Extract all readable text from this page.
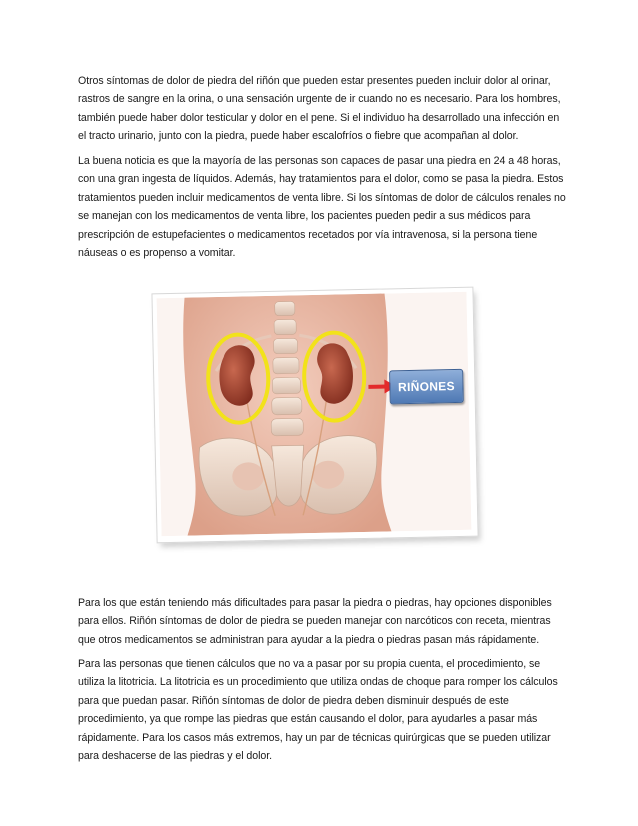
Otros síntomas de dolor de piedra del riñón que pueden estar presentes pueden incluir dolor al orinar, rastros de sangre en la orina, o una sensación urgente de ir cuando no es necesario. Para los hombres, también puede haber dolor testicular y dolor en el pene. Si el individuo ha desarrollado una infección en el tracto urinario, junto con la piedra, puede haber escalofríos o fiebre que acompañan al dolor.

La buena noticia es que la mayoría de las personas son capaces de pasar una piedra en 24 a 48 horas, con una gran ingesta de líquidos. Además, hay tratamientos para el dolor, como se pasa la piedra. Estos tratamientos pueden incluir medicamentos de venta libre. Si los síntomas de dolor de cálculos renales no se manejan con los medicamentos de venta libre, los pacientes pueden pedir a sus médicos para prescripción de estupefacientes o medicamentos recetados por vía intravenosa, si la persona tiene náuseas o es propenso a vomitar.

RIÑONES

Para los que están teniendo más dificultades para pasar la piedra o piedras, hay opciones disponibles para ellos. Riñón síntomas de dolor de piedra se pueden manejar con narcóticos con receta, mientras que otros medicamentos se administran para ayudar a la piedra o piedras pasan más rápidamente.

Para las personas que tienen cálculos que no va a pasar por su propia cuenta, el procedimiento, se utiliza la litotricia. La litotricia es un procedimiento que utiliza ondas de choque para romper los cálculos para que puedan pasar. Riñón síntomas de dolor de piedra deben disminuir después de este procedimiento, ya que rompe las piedras que están causando el dolor, para ayudarles a pasar más rápidamente. Para los casos más extremos, hay un par de técnicas quirúrgicas que se pueden utilizar para deshacerse de las piedras y el dolor.
